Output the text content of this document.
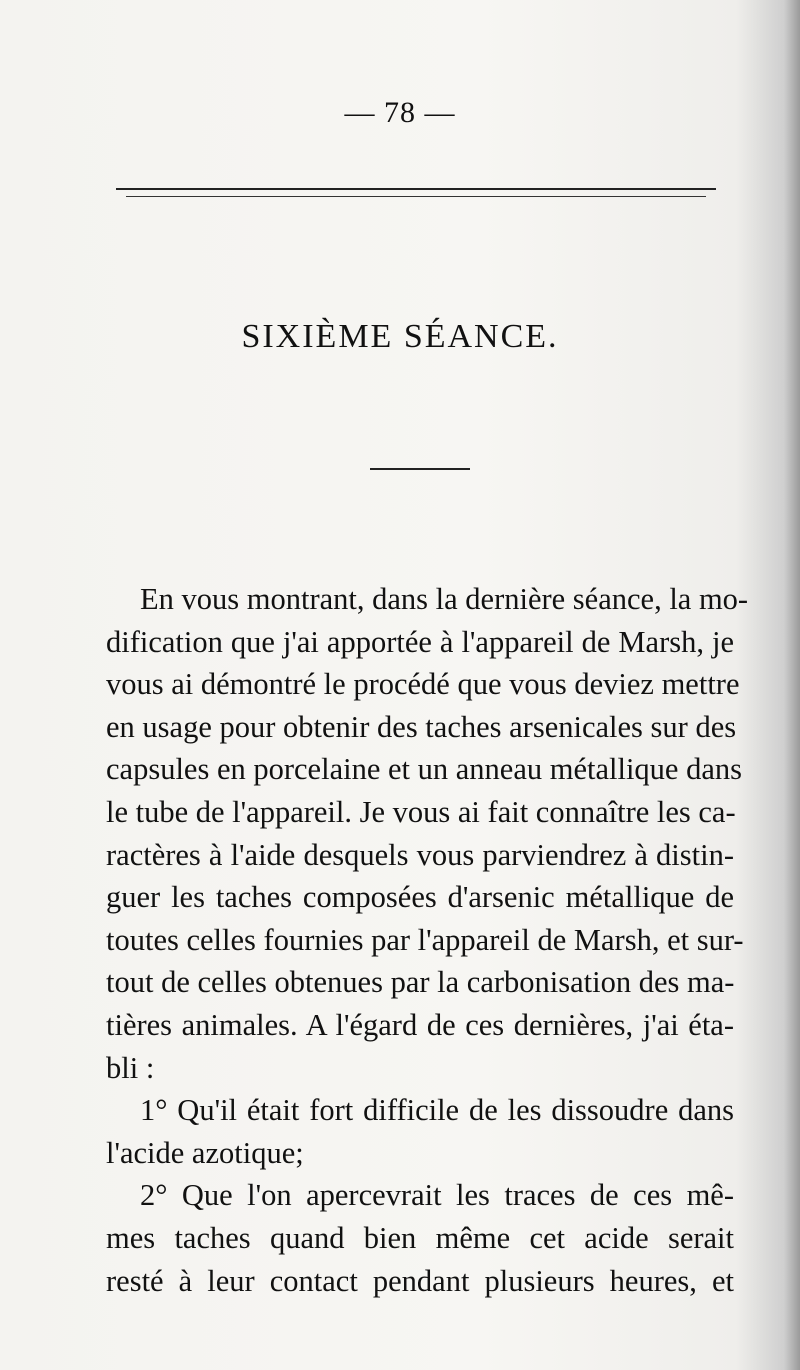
— 78 —
SIXIÈME SÉANCE.
En vous montrant, dans la dernière séance, la mo-
dification que j'ai apportée à l'appareil de Marsh, je
vous ai démontré le procédé que vous deviez mettre
en usage pour obtenir des taches arsenicales sur des
capsules en porcelaine et un anneau métallique dans
le tube de l'appareil. Je vous ai fait connaître les ca-
ractères à l'aide desquels vous parviendrez à distin-
guer les taches composées d'arsenic métallique de
toutes celles fournies par l'appareil de Marsh, et sur-
tout de celles obtenues par la carbonisation des ma-
tières animales. A l'égard de ces dernières, j'ai éta-
bli :
1° Qu'il était fort difficile de les dissoudre dans
l'acide azotique;
2° Que l'on apercevrait les traces de ces mê-
mes taches quand bien même cet acide serait
resté à leur contact pendant plusieurs heures, et
